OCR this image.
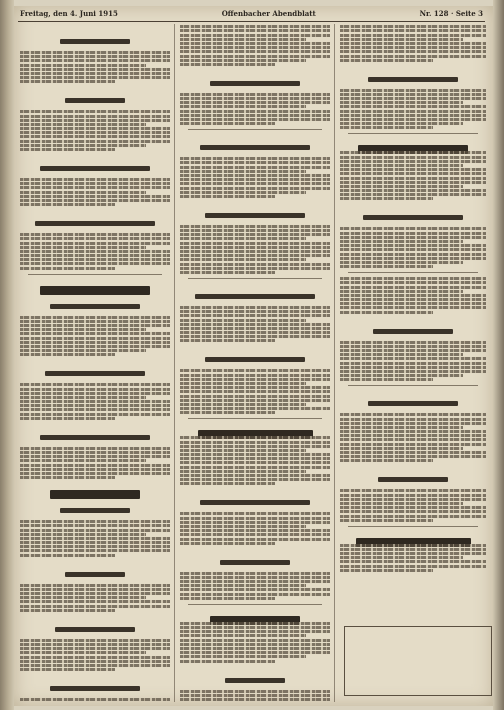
Freitag, den 4. Juni 1915	Offenbacher Abendblatt	Nr. 128 · Seite 3
